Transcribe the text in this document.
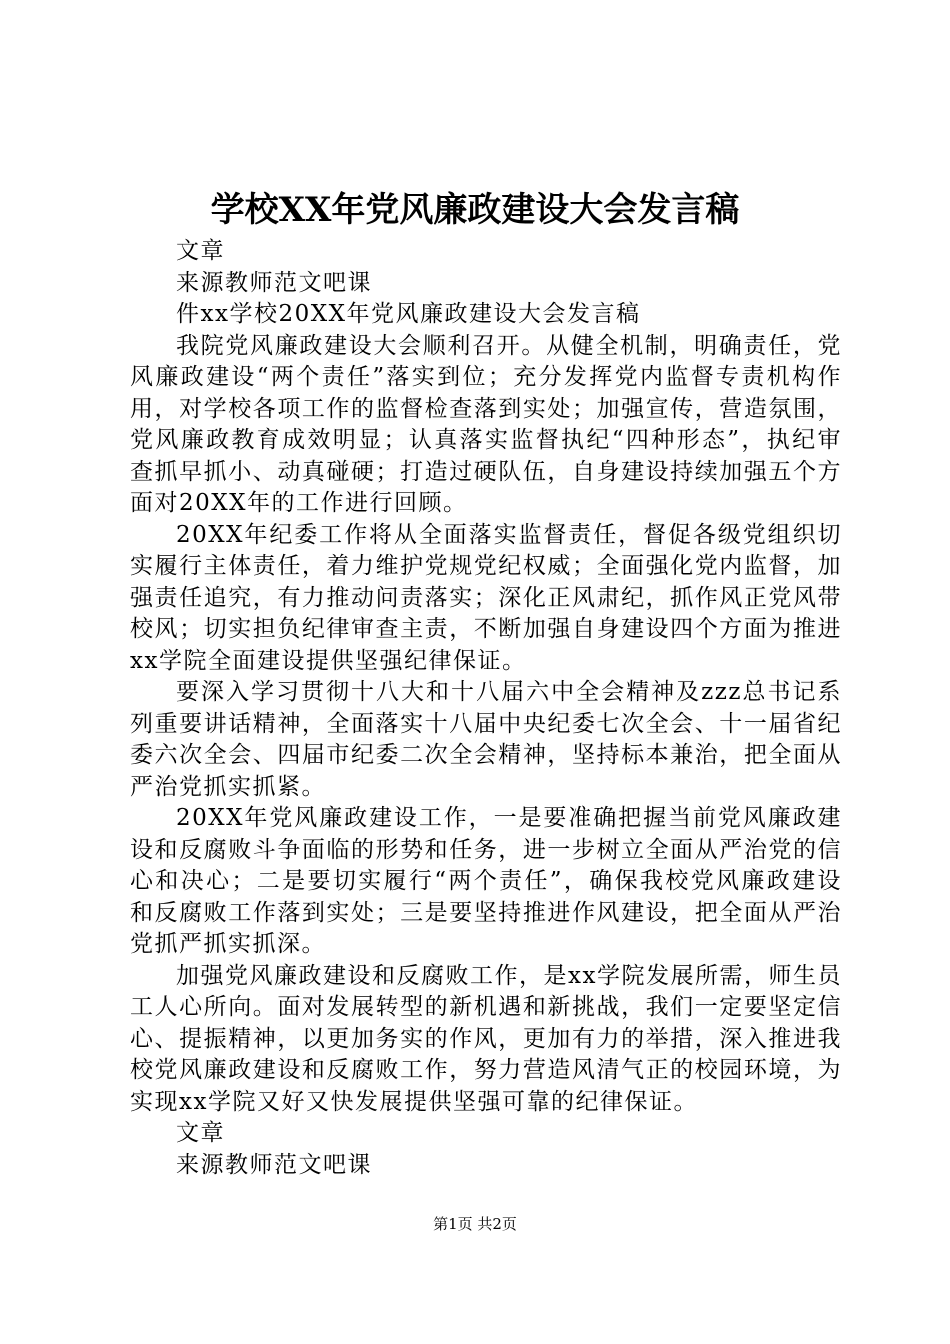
学校XX年党风廉政建设大会发言稿

文章

来源教师范文吧课

件xx学校20XX年党风廉政建设大会发言稿

我院党风廉政建设大会顺利召开。从健全机制，明确责任，党风廉政建设“两个责任”落实到位；充分发挥党内监督专责机构作用，对学校各项工作的监督检查落到实处；加强宣传，营造氛围，党风廉政教育成效明显；认真落实监督执纪“四种形态”，执纪审查抓早抓小、动真碰硬；打造过硬队伍，自身建设持续加强五个方面对20XX年的工作进行回顾。

20XX年纪委工作将从全面落实监督责任，督促各级党组织切实履行主体责任，着力维护党规党纪权威；全面强化党内监督，加强责任追究，有力推动问责落实；深化正风肃纪，抓作风正党风带校风；切实担负纪律审查主责，不断加强自身建设四个方面为推进xx学院全面建设提供坚强纪律保证。

要深入学习贯彻十八大和十八届六中全会精神及zzz总书记系列重要讲话精神，全面落实十八届中央纪委七次全会、十一届省纪委六次全会、四届市纪委二次全会精神，坚持标本兼治，把全面从严治党抓实抓紧。

20XX年党风廉政建设工作，一是要准确把握当前党风廉政建设和反腐败斗争面临的形势和任务，进一步树立全面从严治党的信心和决心；二是要切实履行“两个责任”，确保我校党风廉政建设和反腐败工作落到实处；三是要坚持推进作风建设，把全面从严治党抓严抓实抓深。

加强党风廉政建设和反腐败工作，是xx学院发展所需，师生员工人心所向。面对发展转型的新机遇和新挑战，我们一定要坚定信心、提振精神，以更加务实的作风，更加有力的举措，深入推进我校党风廉政建设和反腐败工作，努力营造风清气正的校园环境，为实现xx学院又好又快发展提供坚强可靠的纪律保证。

文章

来源教师范文吧课

第1页 共2页
